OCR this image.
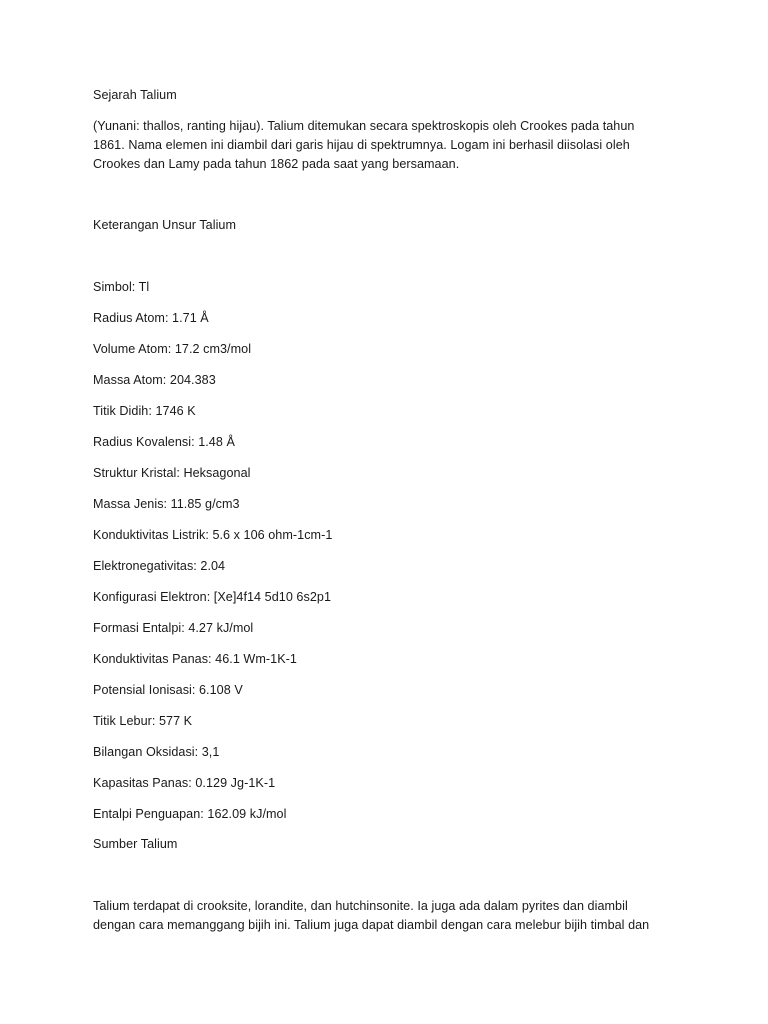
Sejarah Talium
(Yunani: thallos, ranting hijau). Talium ditemukan secara spektroskopis oleh Crookes pada tahun
1861. Nama elemen ini diambil dari garis hijau di spektrumnya. Logam ini berhasil diisolasi oleh
Crookes dan Lamy pada tahun 1862 pada saat yang bersamaan.
Keterangan Unsur Talium
Simbol: Tl
Radius Atom: 1.71 Å
Volume Atom: 17.2 cm3/mol
Massa Atom: 204.383
Titik Didih: 1746 K
Radius Kovalensi: 1.48 Å
Struktur Kristal: Heksagonal
Massa Jenis: 11.85 g/cm3
Konduktivitas Listrik: 5.6 x 106 ohm-1cm-1
Elektronegativitas: 2.04
Konfigurasi Elektron: [Xe]4f14 5d10 6s2p1
Formasi Entalpi: 4.27 kJ/mol
Konduktivitas Panas: 46.1 Wm-1K-1
Potensial Ionisasi: 6.108 V
Titik Lebur: 577 K
Bilangan Oksidasi: 3,1
Kapasitas Panas: 0.129 Jg-1K-1
Entalpi Penguapan: 162.09 kJ/mol
Sumber Talium
Talium terdapat di crooksite, lorandite, dan hutchinsonite. Ia juga ada dalam pyrites dan diambil
dengan cara memanggang bijih ini. Talium juga dapat diambil dengan cara melebur bijih timbal dan
